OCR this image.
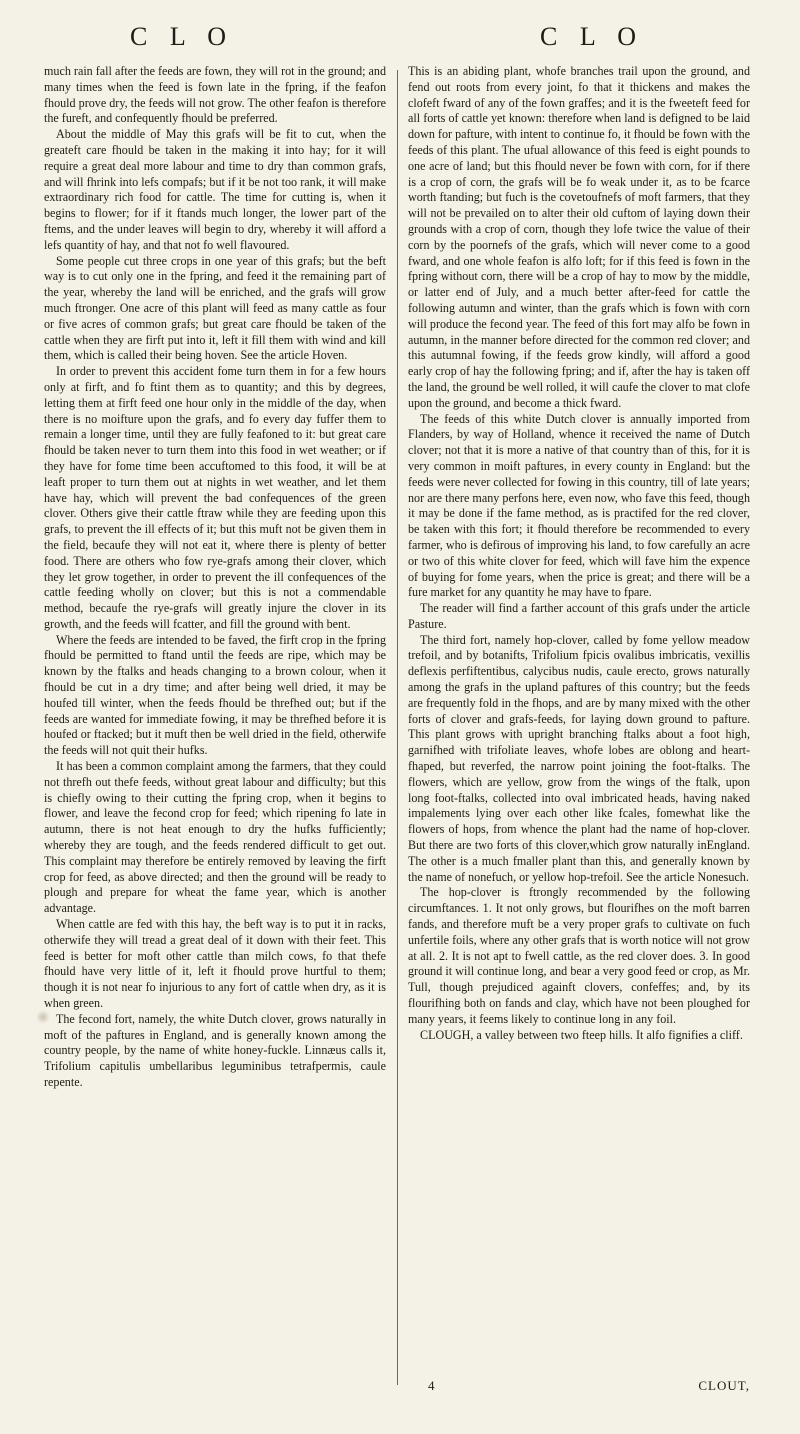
C L O	C L O

much rain fall after the feeds are fown, they will rot in the ground; and many times when the feed is fown late in the fpring, if the feafon fhould prove dry, the feeds will not grow. The other feafon is therefore the fureft, and confequently fhould be preferred.

About the middle of May this grafs will be fit to cut, when the greateft care fhould be taken in the making it into hay; for it will require a great deal more labour and time to dry than common grafs, and will fhrink into lefs compafs; but if it be not too rank, it will make extraordinary rich food for cattle. The time for cutting is, when it begins to flower; for if it ftands much longer, the lower part of the ftems, and the under leaves will begin to dry, whereby it will afford a lefs quantity of hay, and that not fo well flavoured.

Some people cut three crops in one year of this grafs; but the beft way is to cut only one in the fpring, and feed it the remaining part of the year, whereby the land will be enriched, and the grafs will grow much ftronger. One acre of this plant will feed as many cattle as four or five acres of common grafs; but great care fhould be taken of the cattle when they are firft put into it, left it fill them with wind and kill them, which is called their being hoven. See the article Hoven.

In order to prevent this accident fome turn them in for a few hours only at firft, and fo ftint them as to quantity; and this by degrees, letting them at firft feed one hour only in the middle of the day, when there is no moifture upon the grafs, and fo every day fuffer them to remain a longer time, until they are fully feafoned to it: but great care fhould be taken never to turn them into this food in wet weather; or if they have for fome time been accuftomed to this food, it will be at leaft proper to turn them out at nights in wet weather, and let them have hay, which will prevent the bad confequences of the green clover. Others give their cattle ftraw while they are feeding upon this grafs, to prevent the ill effects of it; but this muft not be given them in the field, becaufe they will not eat it, where there is plenty of better food. There are others who fow rye-grafs among their clover, which they let grow together, in order to prevent the ill confequences of the cattle feeding wholly on clover; but this is not a commendable method, becaufe the rye-grafs will greatly injure the clover in its growth, and the feeds will fcatter, and fill the ground with bent.

Where the feeds are intended to be faved, the firft crop in the fpring fhould be permitted to ftand until the feeds are ripe, which may be known by the ftalks and heads changing to a brown colour, when it fhould be cut in a dry time; and after being well dried, it may be houfed till winter, when the feeds fhould be threfhed out; but if the feeds are wanted for immediate fowing, it may be threfhed before it is houfed or ftacked; but it muft then be well dried in the field, otherwife the feeds will not quit their hufks.

It has been a common complaint among the farmers, that they could not threfh out thefe feeds, without great labour and difficulty; but this is chiefly owing to their cutting the fpring crop, when it begins to flower, and leave the fecond crop for feed; which ripening fo late in autumn, there is not heat enough to dry the hufks fufficiently; whereby they are tough, and the feeds rendered difficult to get out. This complaint may therefore be entirely removed by leaving the firft crop for feed, as above directed; and then the ground will be ready to plough and prepare for wheat the fame year, which is another advantage.

When cattle are fed with this hay, the beft way is to put it in racks, otherwife they will tread a great deal of it down with their feet. This feed is better for moft other cattle than milch cows, fo that thefe fhould have very little of it, left it fhould prove hurtful to them; though it is not near fo injurious to any fort of cattle when dry, as it is when green.

The fecond fort, namely, the white Dutch clover, grows naturally in moft of the paftures in England, and is generally known among the country people, by the name of white honey-fuckle. Linnæus calls it, Trifolium capitulis umbellaribus leguminibus tetrafpermis, caule repente.

This is an abiding plant, whofe branches trail upon the ground, and fend out roots from every joint, fo that it thickens and makes the clofeft fward of any of the fown graffes; and it is the fweeteft feed for all forts of cattle yet known: therefore when land is defigned to be laid down for pafture, with intent to continue fo, it fhould be fown with the feeds of this plant. The ufual allowance of this feed is eight pounds to one acre of land; but this fhould never be fown with corn, for if there is a crop of corn, the grafs will be fo weak under it, as to be fcarce worth ftanding; but fuch is the covetoufnefs of moft farmers, that they will not be prevailed on to alter their old cuftom of laying down their grounds with a crop of corn, though they lofe twice the value of their corn by the poornefs of the grafs, which will never come to a good fward, and one whole feafon is alfo loft; for if this feed is fown in the fpring without corn, there will be a crop of hay to mow by the middle, or latter end of July, and a much better after-feed for cattle the following autumn and winter, than the grafs which is fown with corn will produce the fecond year. The feed of this fort may alfo be fown in autumn, in the manner before directed for the common red clover; and this autumnal fowing, if the feeds grow kindly, will afford a good early crop of hay the following fpring; and if, after the hay is taken off the land, the ground be well rolled, it will caufe the clover to mat clofe upon the ground, and become a thick fward.

The feeds of this white Dutch clover is annually imported from Flanders, by way of Holland, whence it received the name of Dutch clover; not that it is more a native of that country than of this, for it is very common in moift paftures, in every county in England: but the feeds were never collected for fowing in this country, till of late years; nor are there many perfons here, even now, who fave this feed, though it may be done if the fame method, as is practifed for the red clover, be taken with this fort; it fhould therefore be recommended to every farmer, who is defirous of improving his land, to fow carefully an acre or two of this white clover for feed, which will fave him the expence of buying for fome years, when the price is great; and there will be a fure market for any quantity he may have to fpare.

The reader will find a farther account of this grafs under the article Pasture.

The third fort, namely hop-clover, called by fome yellow meadow trefoil, and by botanifts, Trifolium fpicis ovalibus imbricatis, vexillis deflexis perfiftentibus, calycibus nudis, caule erecto, grows naturally among the grafs in the upland paftures of this country; but the feeds are frequently fold in the fhops, and are by many mixed with the other forts of clover and grafs-feeds, for laying down ground to pafture. This plant grows with upright branching ftalks about a foot high, garnifhed with trifoliate leaves, whofe lobes are oblong and heart-fhaped, but reverfed, the narrow point joining the foot-ftalks. The flowers, which are yellow, grow from the wings of the ftalk, upon long foot-ftalks, collected into oval imbricated heads, having naked impalements lying over each other like fcales, fomewhat like the flowers of hops, from whence the plant had the name of hop-clover. But there are two forts of this clover,which grow naturally inEngland. The other is a much fmaller plant than this, and generally known by the name of nonefuch, or yellow hop-trefoil. See the article Nonesuch.

The hop-clover is ftrongly recommended by the following circumftances. 1. It not only grows, but flourifhes on the moft barren fands, and therefore muft be a very proper grafs to cultivate on fuch unfertile foils, where any other grafs that is worth notice will not grow at all. 2. It is not apt to fwell cattle, as the red clover does. 3. In good ground it will continue long, and bear a very good feed or crop, as Mr. Tull, though prejudiced againft clovers, confeffes; and, by its flourifhing both on fands and clay, which have not been ploughed for many years, it feems likely to continue long in any foil.

CLOUGH, a valley between two fteep hills. It alfo fignifies a cliff.

4	CLOUT,
